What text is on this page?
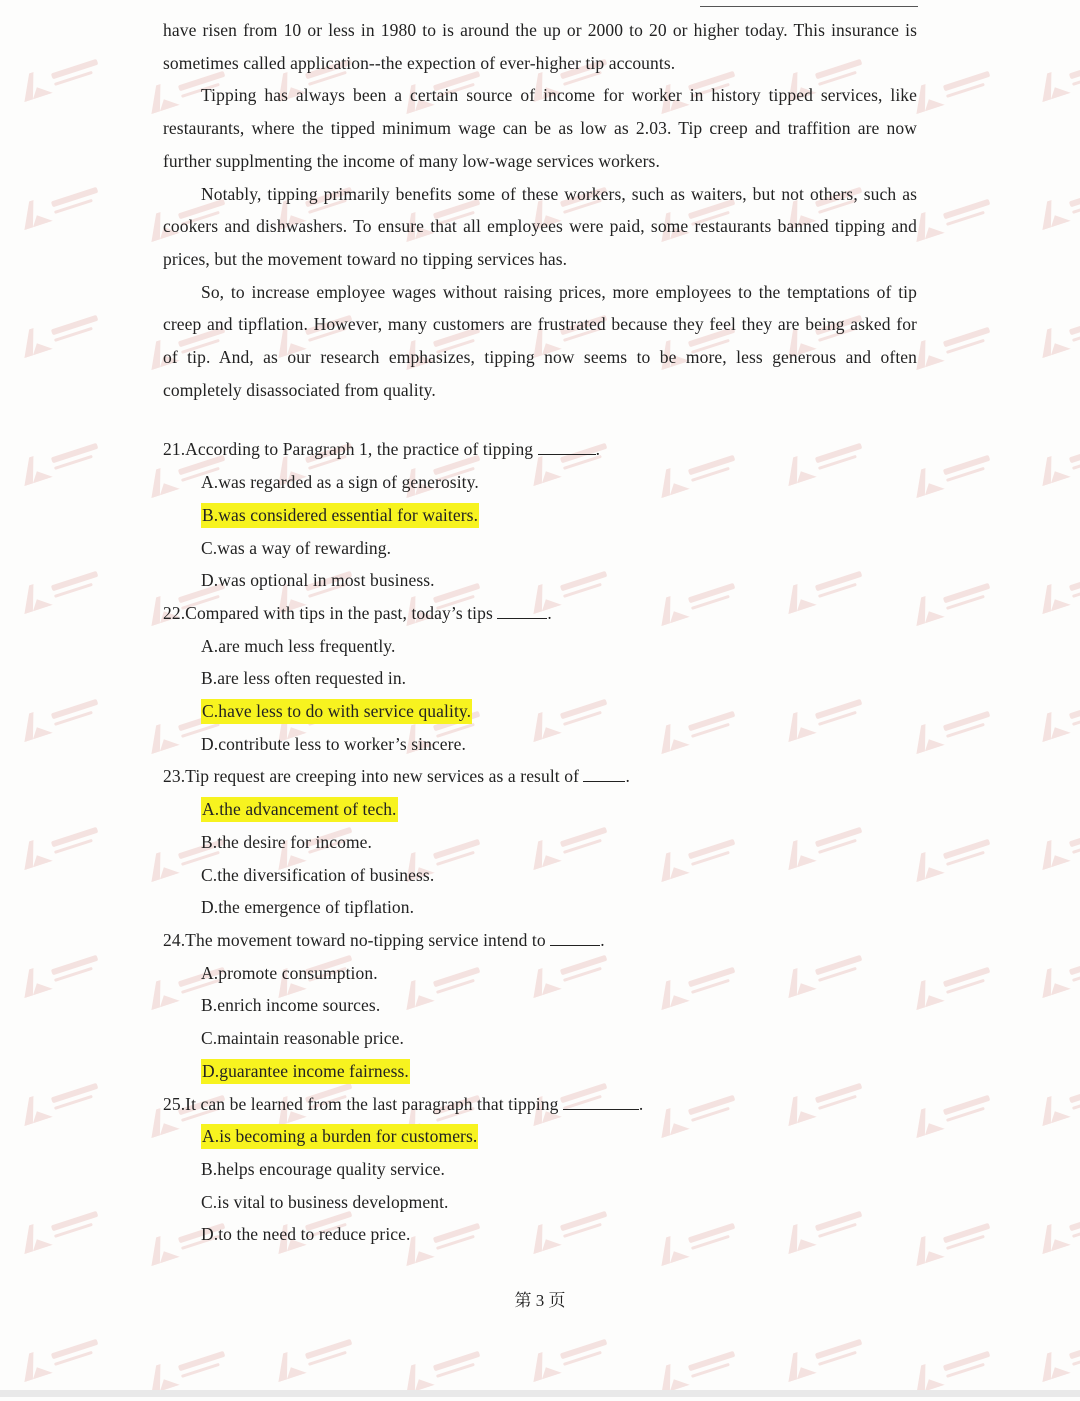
have risen from 10 or less in 1980 to is around the up or 2000 to 20 or higher today. This insurance is sometimes called application--the expection of ever-higher tip accounts.

Tipping has always been a certain source of income for worker in history tipped services, like restaurants, where the tipped minimum wage can be as low as 2.03. Tip creep and traffition are now further supplmenting the income of many low-wage services workers.

Notably, tipping primarily benefits some of these workers, such as waiters, but not others, such as cookers and dishwashers. To ensure that all employees were paid, some restaurants banned tipping and prices, but the movement toward no tipping services has.

So, to increase employee wages without raising prices, more employees to the temptations of tip creep and tipflation. However, many customers are frustrated because they feel they are being asked for of tip. And, as our research emphasizes, tipping now seems to be more, less generous and often completely disassociated from quality.

21.According to Paragraph 1, the practice of tipping	.

A.was regarded as a sign of generosity.

B.was considered essential for waiters.

C.was a way of rewarding.

D.was optional in most business.

22.Compared with tips in the past, today’s tips	.

A.are much less frequently.

B.are less often requested in.

C.have less to do with service quality.

D.contribute less to worker’s sincere.

23.Tip request are creeping into new services as a result of	.

A.the advancement of tech.

B.the desire for income.

C.the diversification of business.

D.the emergence of tipflation.

24.The movement toward no-tipping service intend to	.

A.promote consumption.

B.enrich income sources.

C.maintain reasonable price.

D.guarantee income fairness.

25.It can be learned from the last paragraph that tipping	.

A.is becoming a burden for customers.

B.helps encourage quality service.

C.is vital to business development.

D.to the need to reduce price.

第 3 页
